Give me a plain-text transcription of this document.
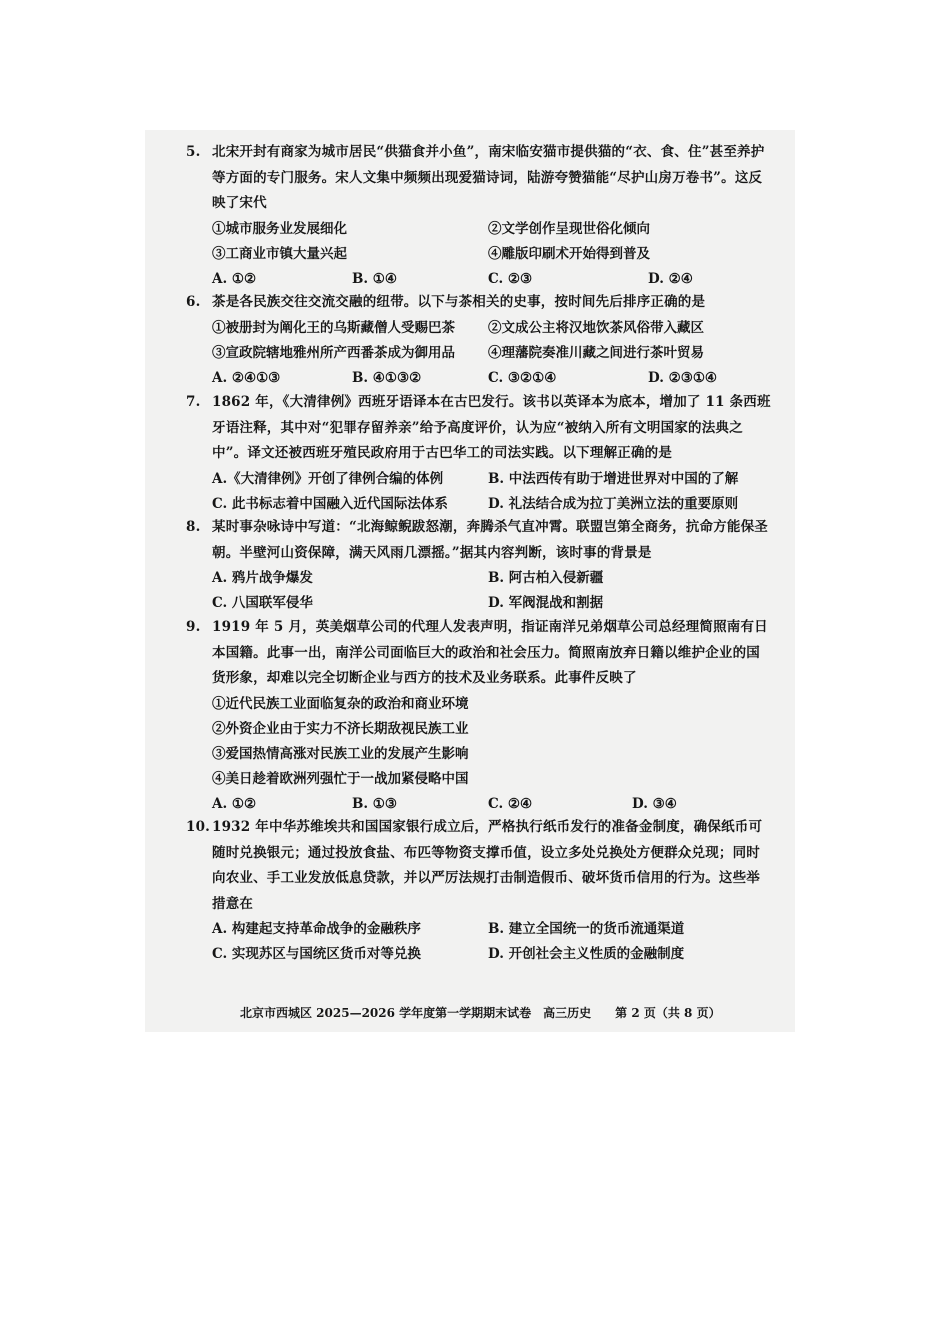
5. 北宋开封有商家为城市居民“供猫食并小鱼”，南宋临安猫市提供猫的“衣、食、住”甚至养护等方面的专门服务。宋人文集中频频出现爱猫诗词，陆游夸赞猫能“尽护山房万卷书”。这反映了宋代
①城市服务业发展细化	②文学创作呈现世俗化倾向
③工商业市镇大量兴起	④雕版印刷术开始得到普及
A. ①②	B. ①④	C. ②③	D. ②④
6. 茶是各民族交往交流交融的纽带。以下与茶相关的史事，按时间先后排序正确的是
①被册封为阐化王的乌斯藏僧人受赐巴茶 ②文成公主将汉地饮茶风俗带入藏区
③宣政院辖地雅州所产西番茶成为御用品 ④理藩院奏准川藏之间进行茶叶贸易
A. ②④①③	B. ④①③②	C. ③②①④	D. ②③①④
7. 1862 年，《大清律例》西班牙语译本在古巴发行。该书以英译本为底本，增加了 11 条西班牙语注释，其中对“犯罪存留养亲”给予高度评价，认为应“被纳入所有文明国家的法典之中”。译文还被西班牙殖民政府用于古巴华工的司法实践。以下理解正确的是
A.《大清律例》开创了律例合编的体例	B. 中法西传有助于增进世界对中国的了解
C. 此书标志着中国融入近代国际法体系	D. 礼法结合成为拉丁美洲立法的重要原则
8. 某时事杂咏诗中写道：“北海鲸鲵跋怒潮，奔腾杀气直冲霄。联盟岂第全商务，抗命方能保圣朝。半壁河山资保障，满天风雨几漂摇。”据其内容判断，该时事的背景是
A. 鸦片战争爆发	B. 阿古柏入侵新疆
C. 八国联军侵华	D. 军阀混战和割据
9. 1919 年 5 月，英美烟草公司的代理人发表声明，指证南洋兄弟烟草公司总经理简照南有日本国籍。此事一出，南洋公司面临巨大的政治和社会压力。简照南放弃日籍以维护企业的国货形象，却难以完全切断企业与西方的技术及业务联系。此事件反映了
①近代民族工业面临复杂的政治和商业环境
②外资企业由于实力不济长期敌视民族工业
③爱国热情高涨对民族工业的发展产生影响
④美日趁着欧洲列强忙于一战加紧侵略中国
A. ①②	B. ①③	C. ②④	D. ③④
10. 1932 年中华苏维埃共和国国家银行成立后，严格执行纸币发行的准备金制度，确保纸币可随时兑换银元；通过投放食盐、布匹等物资支撑币值，设立多处兑换处方便群众兑现；同时向农业、手工业发放低息贷款，并以严厉法规打击制造假币、破坏货币信用的行为。这些举措意在
A. 构建起支持革命战争的金融秩序	B. 建立全国统一的货币流通渠道
C. 实现苏区与国统区货币对等兑换	D. 开创社会主义性质的金融制度
北京市西城区 2025—2026 学年度第一学期期末试卷　高三历史　　第 2 页（共 8 页）
